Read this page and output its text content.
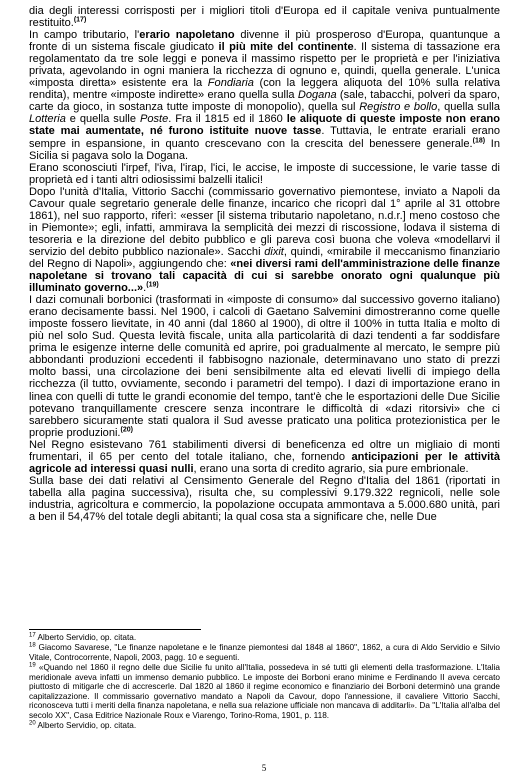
dia degli interessi corrisposti per i migliori titoli d'Europa ed il capitale veniva puntualmente restituito.$^{(17)}$

In campo tributario, l'erario napoletano divenne il più prosperoso d'Europa, quantunque a fronte di un sistema fiscale giudicato il più mite del continente. Il sistema di tassazione era regolamentato da tre sole leggi e poneva il massimo rispetto per le proprietà e per l'iniziativa privata, agevolando in ogni maniera la ricchezza di ognuno e, quindi, quella generale. L'unica «imposta diretta» esistente era la Fondiaria (con la leggera aliquota del 10% sulla relativa rendita), mentre «imposte indirette» erano quella sulla Dogana (sale, tabacchi, polveri da sparo, carte da gioco, in sostanza tutte imposte di monopolio), quella sul Registro e bollo, quella sulla Lotteria e quella sulle Poste. Fra il 1815 ed il 1860 le aliquote di queste imposte non erano state mai aumentate, né furono istituite nuove tasse. Tuttavia, le entrate erariali erano sempre in espansione, in quanto crescevano con la crescita del benessere generale.$^{(18)}$ In Sicilia si pagava solo la Dogana.

Erano sconosciuti l'irpef, l'iva, l'irap, l'ici, le accise, le imposte di successione, le varie tasse di proprietà ed i tanti altri odiosissimi balzelli italici!

Dopo l'unità d'Italia, Vittorio Sacchi (commissario governativo piemontese, inviato a Napoli da Cavour quale segretario generale delle finanze, incarico che ricoprì dal 1° aprile al 31 ottobre 1861), nel suo rapporto, riferì: «esser [il sistema tributario napoletano, n.d.r.] meno costoso che in Piemonte»; egli, infatti, ammirava la semplicità dei mezzi di riscossione, lodava il sistema di tesoreria e la direzione del debito pubblico e gli pareva così buona che voleva «modellarvi il servizio del debito pubblico nazionale». Sacchi dixit, quindi, «mirabile il meccanismo finanziario del Regno di Napoli», aggiungendo che: «nei diversi rami dell'amministrazione delle finanze napoletane si trovano tali capacità di cui si sarebbe onorato ogni qualunque più illuminato governo...».$^{(19)}$

I dazi comunali borbonici (trasformati in «imposte di consumo» dal successivo governo italiano) erano decisamente bassi. Nel 1900, i calcoli di Gaetano Salvemini dimostreranno come quelle imposte fossero lievitate, in 40 anni (dal 1860 al 1900), di oltre il 100% in tutta Italia e molto di più nel solo Sud. Questa levità fiscale, unita alla particolarità di dazi tendenti a far soddisfare prima le esigenze interne delle comunità ed aprire, poi gradualmente al mercato, le sempre più abbondanti produzioni eccedenti il fabbisogno nazionale, determinavano uno stato di prezzi molto bassi, una circolazione dei beni sensibilmente alta ed elevati livelli di impiego della ricchezza (il tutto, ovviamente, secondo i parametri del tempo). I dazi di importazione erano in linea con quelli di tutte le grandi economie del tempo, tant'è che le esportazioni delle Due Sicilie potevano tranquillamente crescere senza incontrare le difficoltà di «dazi ritorsivi» che ci sarebbero sicuramente stati qualora il Sud avesse praticato una politica protezionistica per le proprie produzioni.$^{(20)}$

Nel Regno esistevano 761 stabilimenti diversi di beneficenza ed oltre un migliaio di monti frumentari, il 65 per cento del totale italiano, che, fornendo anticipazioni per le attività agricole ad interessi quasi nulli, erano una sorta di credito agrario, sia pure embrionale.

Sulla base dei dati relativi al Censimento Generale del Regno d'Italia del 1861 (riportati in tabella alla pagina successiva), risulta che, su complessivi 9.179.322 regnicoli, nelle sole industria, agricoltura e commercio, la popolazione occupata ammontava a 5.000.680 unità, pari a ben il 54,47% del totale degli abitanti; la qual cosa sta a significare che, nelle Due

$^{17}$ Alberto Servidio, op. citata.

$^{18}$ Giacomo Savarese, "Le finanze napoletane e le finanze piemontesi dal 1848 al 1860", 1862, a cura di Aldo Servidio e Silvio Vitale, Controcorrente, Napoli, 2003, pagg. 10 e seguenti.

$^{19}$ «Quando nel 1860 il regno delle due Sicilie fu unito all'Italia, possedeva in sé tutti gli elementi della trasformazione. L'Italia meridionale aveva infatti un immenso demanio pubblico. Le imposte dei Borboni erano minime e Ferdinando II aveva cercato piuttosto di mitigarle che di accrescerle. Dal 1820 al 1860 il regime economico e finanziario dei Borboni determinò una grande capitalizzazione. Il commissario governativo mandato a Napoli da Cavour, dopo l'annessione, il cavaliere Vittorio Sacchi, riconosceva tutti i meriti della finanza napoletana, e nella sua relazione ufficiale non mancava di additarli». Da "L'Italia all'alba del secolo XX", Casa Editrice Nazionale Roux e Viarengo, Torino-Roma, 1901, p. 118.

$^{20}$ Alberto Servidio, op. citata.

5
